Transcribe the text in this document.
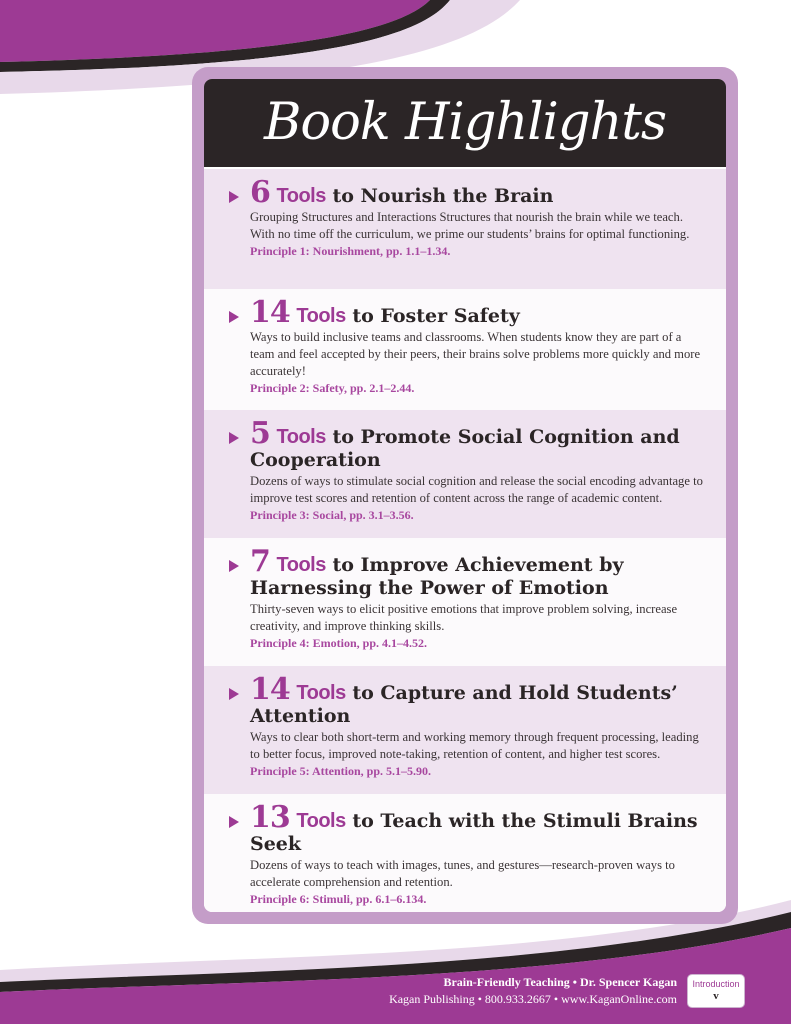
Book Highlights
6 Tools to Nourish the Brain
Grouping Structures and Interactions Structures that nourish the brain while we teach. With no time off the curriculum, we prime our students’ brains for optimal functioning.
Principle 1: Nourishment, pp. 1.1–1.34.
14 Tools to Foster Safety
Ways to build inclusive teams and classrooms. When students know they are part of a team and feel accepted by their peers, their brains solve problems more quickly and more accurately!
Principle 2: Safety, pp. 2.1–2.44.
5 Tools to Promote Social Cognition and Cooperation
Dozens of ways to stimulate social cognition and release the social encoding advantage to improve test scores and retention of content across the range of academic content.
Principle 3: Social, pp. 3.1–3.56.
7 Tools to Improve Achievement by Harnessing the Power of Emotion
Thirty-seven ways to elicit positive emotions that improve problem solving, increase creativity, and improve thinking skills.
Principle 4: Emotion, pp. 4.1–4.52.
14 Tools to Capture and Hold Students’ Attention
Ways to clear both short-term and working memory through frequent processing, leading to better focus, improved note-taking, retention of content, and higher test scores.
Principle 5: Attention, pp. 5.1–5.90.
13 Tools to Teach with the Stimuli Brains Seek
Dozens of ways to teach with images, tunes, and gestures—research-proven ways to accelerate comprehension and retention.
Principle 6: Stimuli, pp. 6.1–6.134.
Brain-Friendly Teaching • Dr. Spencer Kagan
Kagan Publishing • 800.933.2667 • www.KaganOnline.com
Introduction
v
